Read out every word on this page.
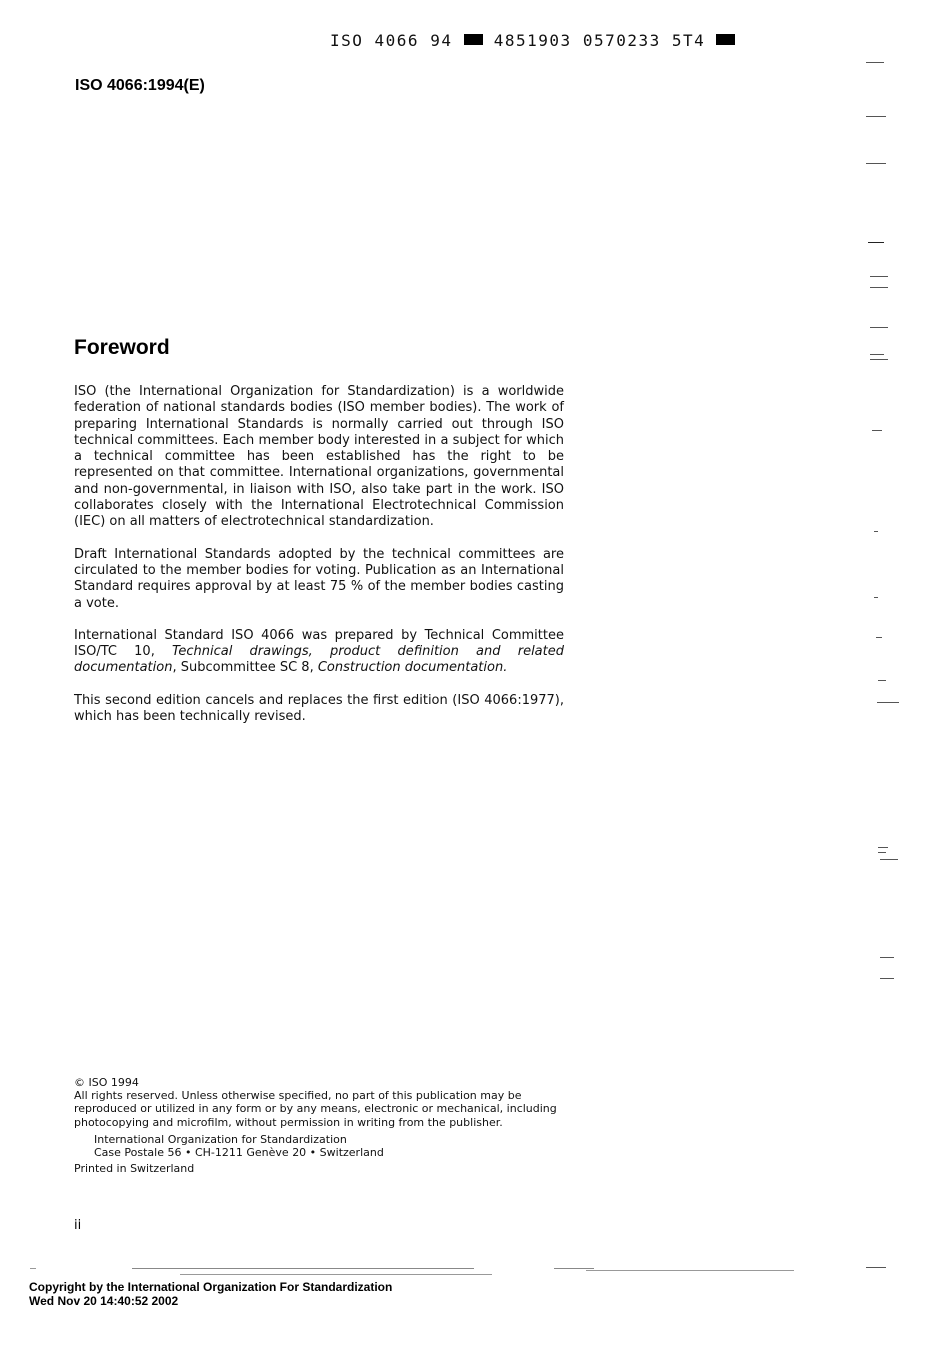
ISO 4066 94	4851903 0570233 5T4
ISO 4066:1994(E)
Foreword

ISO (the International Organization for Standardization) is a worldwide federation of national standards bodies (ISO member bodies). The work of preparing International Standards is normally carried out through ISO technical committees. Each member body interested in a subject for which a technical committee has been established has the right to be represented on that committee. International organizations, governmental and non-governmental, in liaison with ISO, also take part in the work. ISO collaborates closely with the International Electrotechnical Commission (IEC) on all matters of electrotechnical standardization.

Draft International Standards adopted by the technical committees are circulated to the member bodies for voting. Publication as an International Standard requires approval by at least 75 % of the member bodies casting a vote.

International Standard ISO 4066 was prepared by Technical Committee ISO/TC 10, Technical drawings, product definition and related documentation, Subcommittee SC 8, Construction documentation.

This second edition cancels and replaces the first edition (ISO 4066:1977), which has been technically revised.

© ISO 1994
All rights reserved. Unless otherwise specified, no part of this publication may be reproduced or utilized in any form or by any means, electronic or mechanical, including photocopying and microfilm, without permission in writing from the publisher.
International Organization for Standardization
Case Postale 56 • CH-1211 Genève 20 • Switzerland
Printed in Switzerland
ii
Copyright by the International Organization For Standardization
Wed Nov 20 14:40:52 2002
